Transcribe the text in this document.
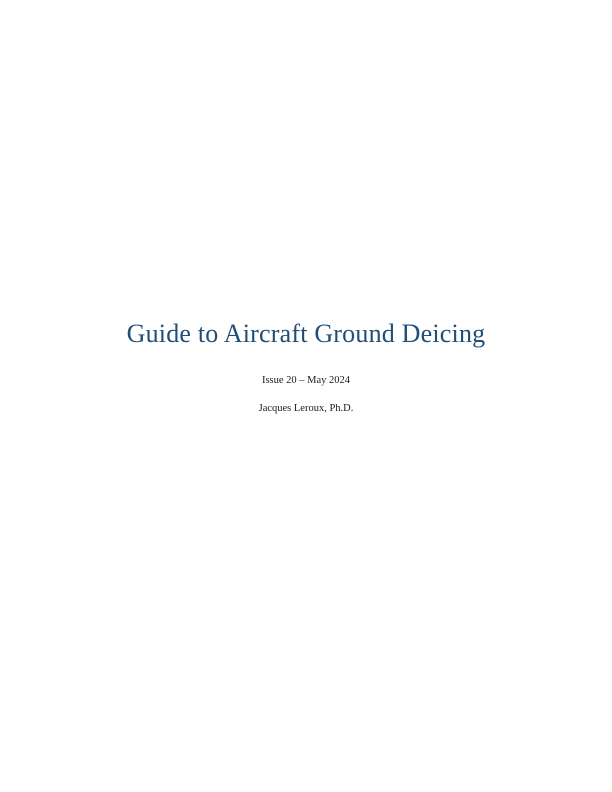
Guide to Aircraft Ground Deicing

Issue 20 – May 2024

Jacques Leroux, Ph.D.
